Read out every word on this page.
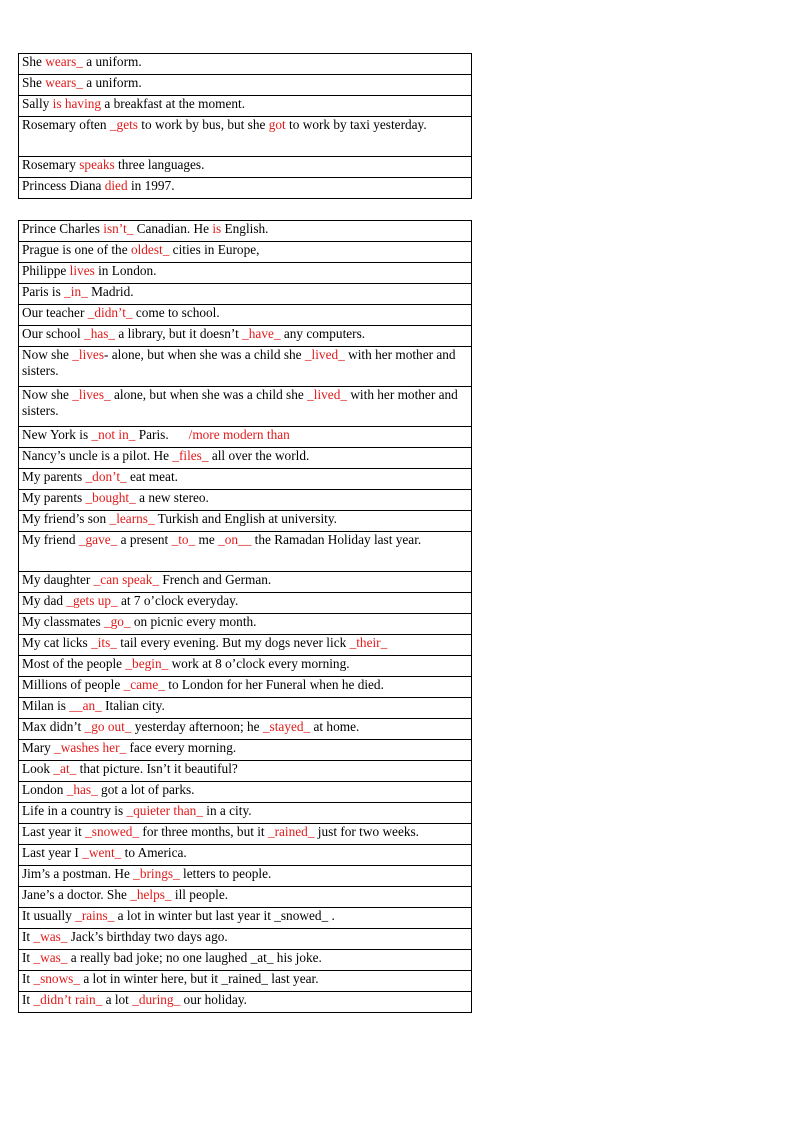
She wears_ a uniform.
She wears_ a uniform.
Sally is having a breakfast at the moment.
Rosemary often _gets to work by bus, but she got to work by taxi yesterday.
Rosemary speaks three languages.
Princess Diana died in 1997.
Prince Charles isn’t_ Canadian. He is English.
Prague is one of the oldest_ cities in Europe,
Philippe lives in London.
Paris is _in_ Madrid.
Our teacher _didn’t_ come to school.
Our school _has_ a library, but it doesn’t _have_ any computers.
Now she _lives- alone, but when she was a child she _lived_ with her mother and sisters.
Now she _lives_ alone, but when she was a child she _lived_ with her mother and sisters.
New York is _not in_ Paris.      /more modern than
Nancy’s uncle is a pilot. He _files_ all over the world.
My parents _don’t_ eat meat.
My parents _bought_ a new stereo.
My friend’s son _learns_ Turkish and English at university.
My friend _gave_ a present _to_ me _on__ the Ramadan Holiday last year.
My daughter _can speak_ French and German.
My dad _gets up_ at 7 o’clock everyday.
My classmates _go_ on picnic every month.
My cat licks _its_ tail every evening. But my dogs never lick _their_
Most of the people _begin_ work at 8 o’clock every morning.
Millions of people _came_ to London for her Funeral when he died.
Milan is __an_ Italian city.
Max didn’t _go out_ yesterday afternoon; he _stayed_ at home.
Mary _washes her_ face every morning.
Look _at_ that picture. Isn’t it beautiful?
London _has_ got a lot of parks.
Life in a country is _quieter than_ in a city.
Last year it _snowed_ for three months, but it _rained_ just for two weeks.
Last year I _went_ to America.
Jim’s a postman. He _brings_ letters to people.
Jane’s a doctor. She _helps_ ill people.
It usually _rains_ a lot in winter but last year it _snowed_ .
It _was_ Jack’s birthday two days ago.
It _was_ a really bad joke; no one laughed _at_ his joke.
It _snows_ a lot in winter here, but it _rained_ last year.
It _didn’t rain_ a lot _during_ our holiday.
